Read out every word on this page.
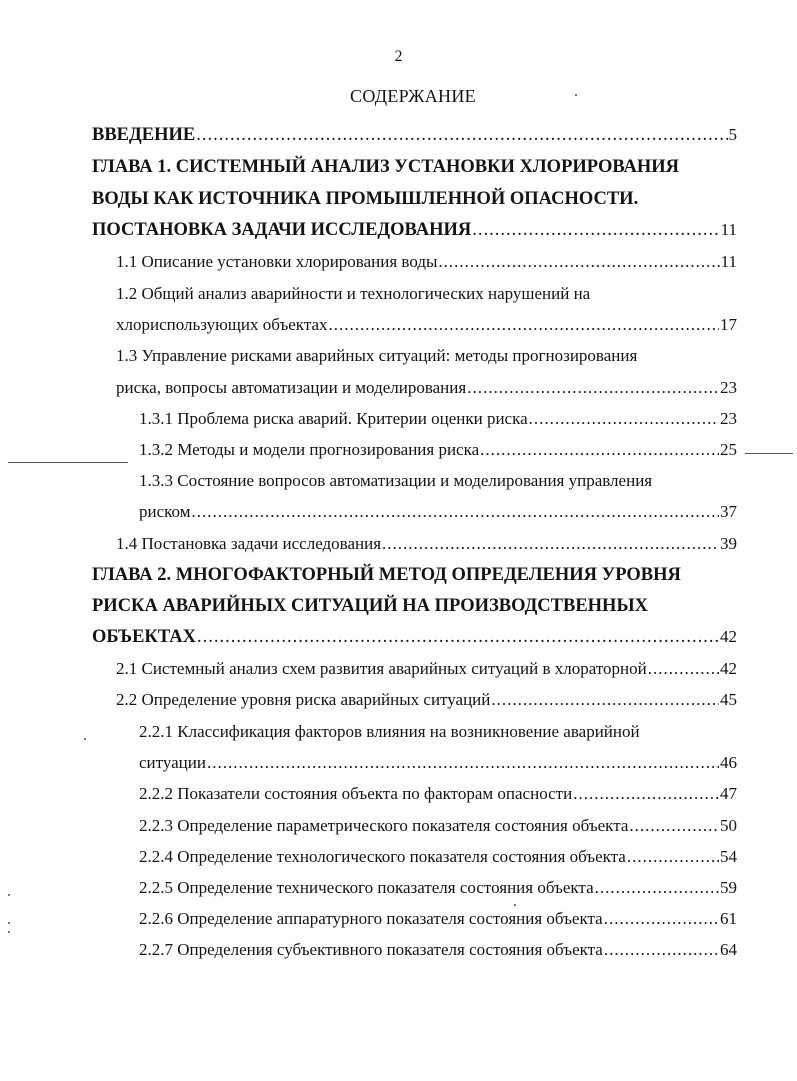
2
СОДЕРЖАНИЕ
ВВЕДЕНИЕ .....	5
ГЛАВА 1. СИСТЕМНЫЙ АНАЛИЗ УСТАНОВКИ ХЛОРИРОВАНИЯ
ВОДЫ КАК ИСТОЧНИКА ПРОМЫШЛЕННОЙ ОПАСНОСТИ.
ПОСТАНОВКА ЗАДАЧИ ИССЛЕДОВАНИЯ .....	11
1.1 Описание установки хлорирования воды .....	11
1.2 Общий анализ аварийности и технологических нарушений на
хлориспользующих объектах .....	17
1.3 Управление рисками аварийных ситуаций: методы прогнозирования
риска, вопросы автоматизации и моделирования .....	23
1.3.1 Проблема риска аварий. Критерии оценки риска .....	23
1.3.2 Методы и модели прогнозирования риска .....	25
1.3.3 Состояние вопросов автоматизации и моделирования управления
риском .....	37
1.4 Постановка задачи исследования .....	39
ГЛАВА 2. МНОГОФАКТОРНЫЙ МЕТОД ОПРЕДЕЛЕНИЯ УРОВНЯ
РИСКА АВАРИЙНЫХ СИТУАЦИЙ НА ПРОИЗВОДСТВЕННЫХ
ОБЪЕКТАХ .....	42
2.1 Системный анализ схем развития аварийных ситуаций в хлораторной .....	42
2.2 Определение уровня риска аварийных ситуаций .....	45
2.2.1 Классификация факторов влияния на возникновение аварийной
ситуации .....	46
2.2.2 Показатели состояния объекта по факторам опасности .....	47
2.2.3 Определение параметрического показателя состояния объекта .....	50
2.2.4 Определение технологического показателя состояния объекта .....	54
2.2.5 Определение технического показателя состояния объекта .....	59
2.2.6 Определение аппаратурного показателя состояния объекта .....	61
2.2.7 Определения субъективного показателя состояния объекта .....	64
